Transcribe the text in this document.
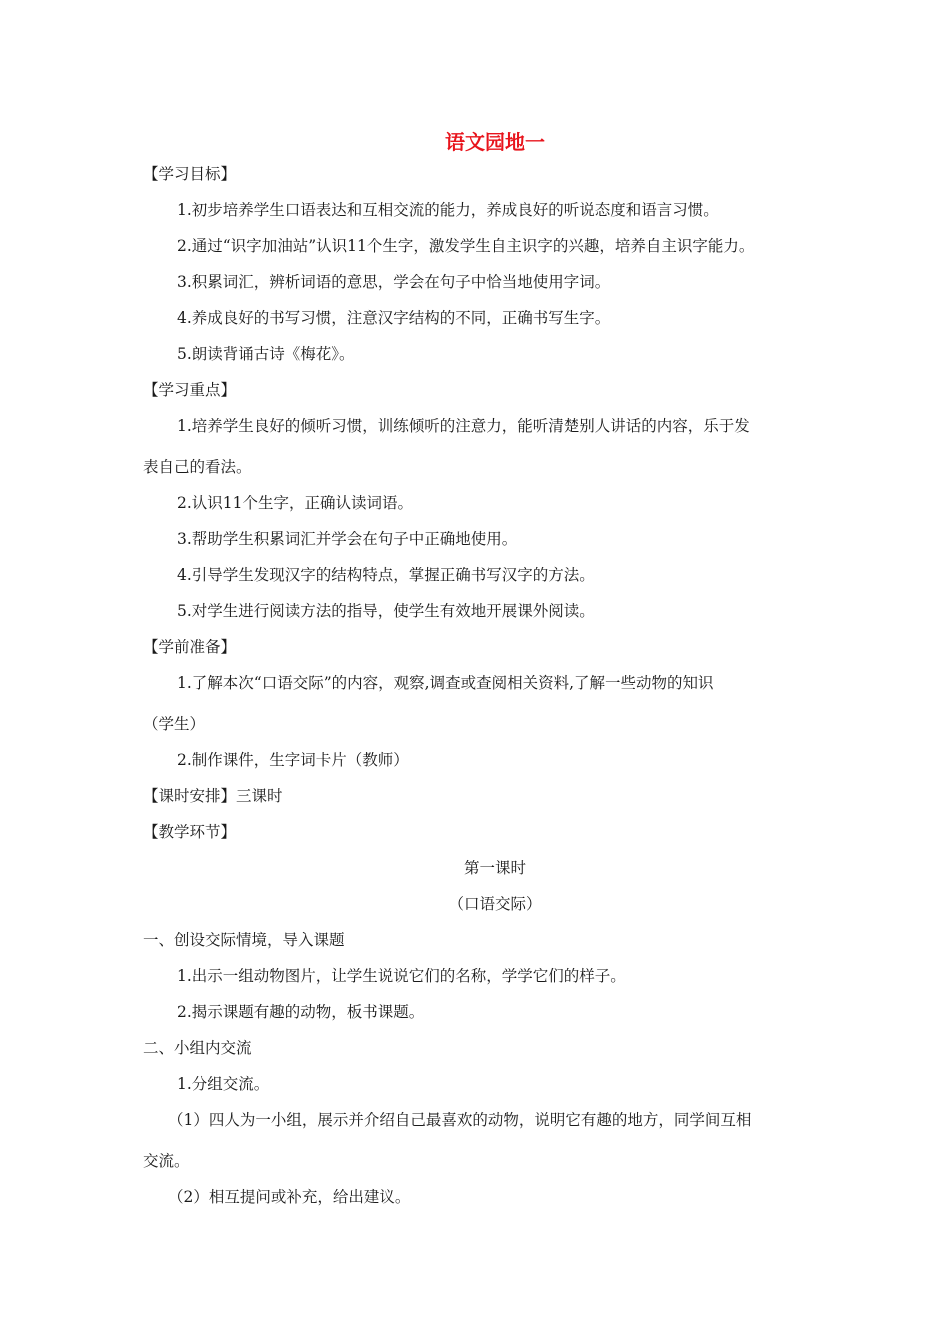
语文园地一
【学习目标】
1.初步培养学生口语表达和互相交流的能力，养成良好的听说态度和语言习惯。
2.通过“识字加油站”认识11个生字，激发学生自主识字的兴趣，培养自主识字能力。
3.积累词汇，辨析词语的意思，学会在句子中恰当地使用字词。
4.养成良好的书写习惯，注意汉字结构的不同，正确书写生字。
5.朗读背诵古诗《梅花》。
【学习重点】
1.培养学生良好的倾听习惯，训练倾听的注意力，能听清楚别人讲话的内容，乐于发
表自己的看法。
2.认识11个生字，正确认读词语。
3.帮助学生积累词汇并学会在句子中正确地使用。
4.引导学生发现汉字的结构特点，掌握正确书写汉字的方法。
5.对学生进行阅读方法的指导，使学生有效地开展课外阅读。
【学前准备】
1.了解本次“口语交际”的内容，观察,调查或查阅相关资料,了解一些动物的知识
（学生）
2.制作课件，生字词卡片（教师）
【课时安排】三课时
【教学环节】
第一课时
（口语交际）
一、创设交际情境，导入课题
1.出示一组动物图片，让学生说说它们的名称，学学它们的样子。
2.揭示课题有趣的动物，板书课题。
二、小组内交流
1.分组交流。
（1）四人为一小组，展示并介绍自己最喜欢的动物，说明它有趣的地方，同学间互相
交流。
（2）相互提问或补充，给出建议。
